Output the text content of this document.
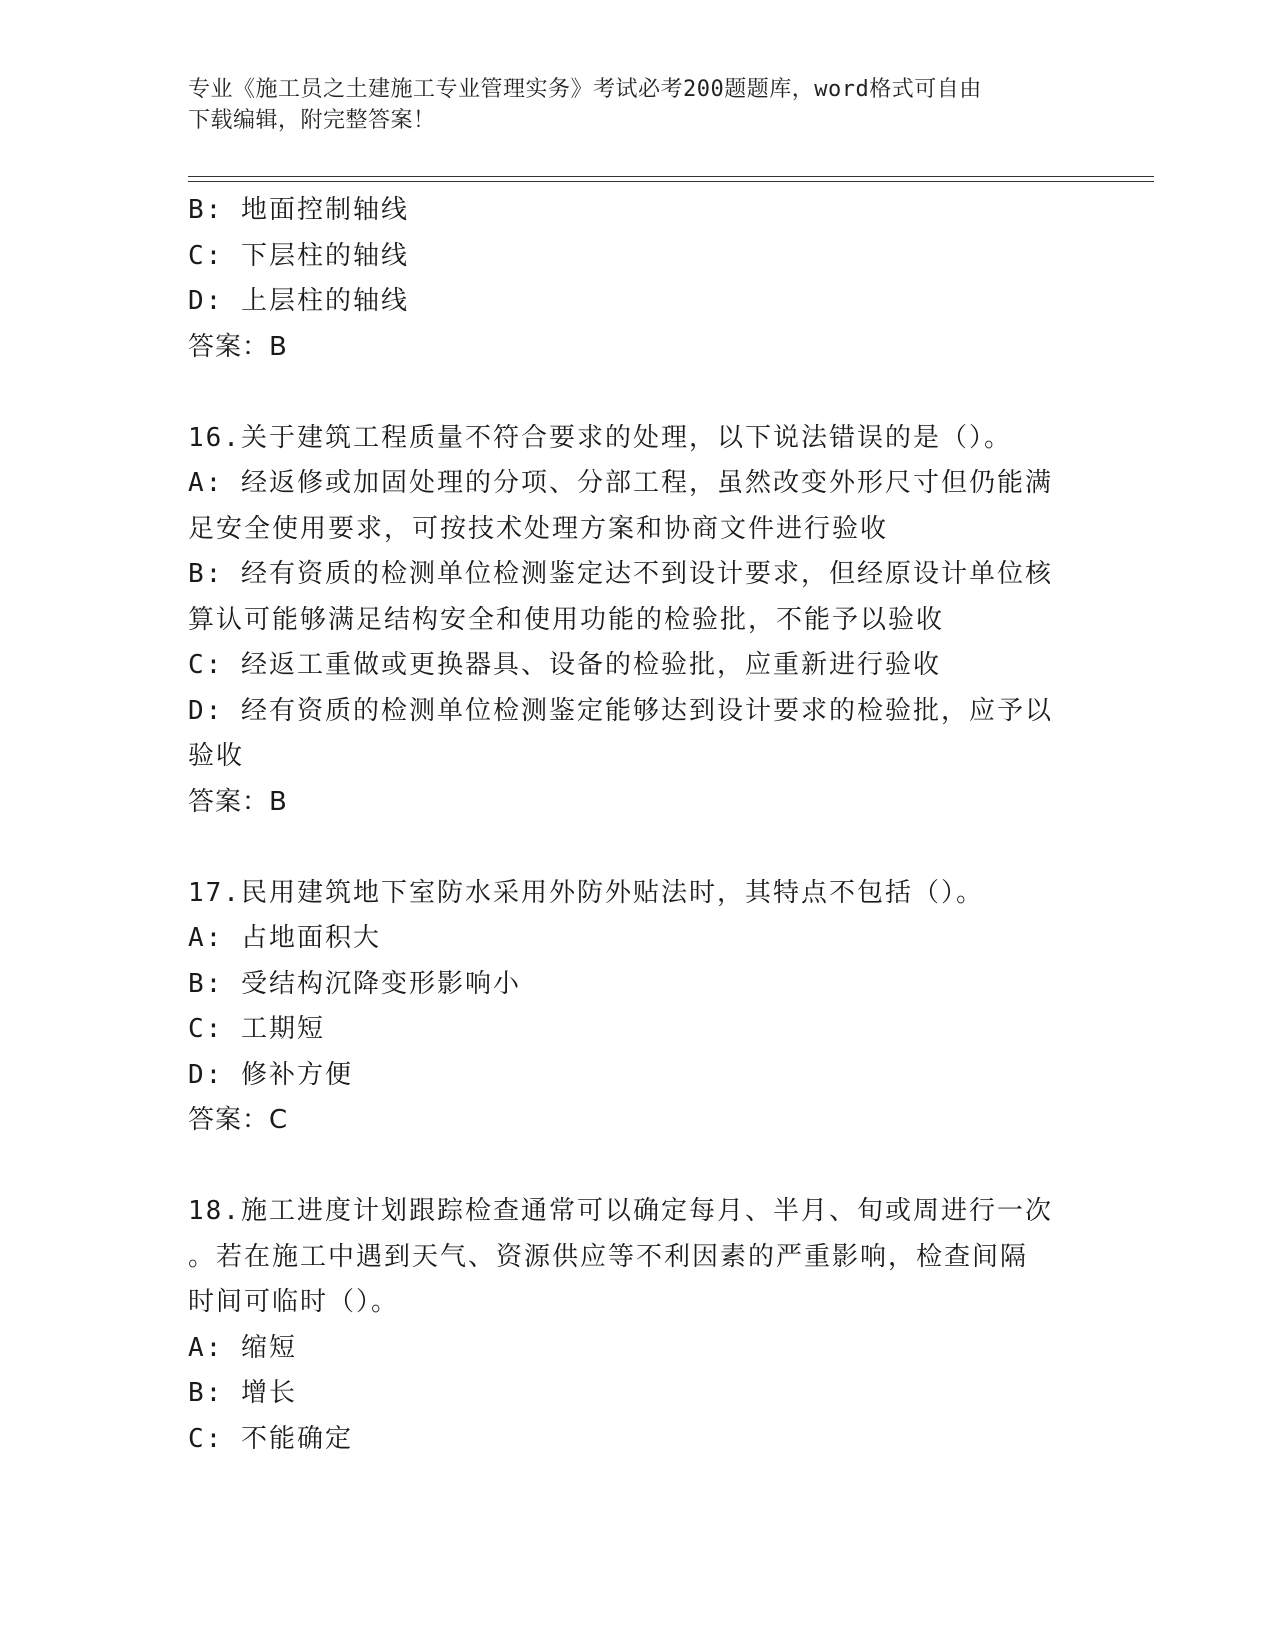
专业《施工员之土建施工专业管理实务》考试必考200题题库，word格式可自由
下载编辑，附完整答案！
B: 地面控制轴线
C: 下层柱的轴线
D: 上层柱的轴线
答案：B
16.关于建筑工程质量不符合要求的处理，以下说法错误的是（）。
A: 经返修或加固处理的分项、分部工程，虽然改变外形尺寸但仍能满
足安全使用要求，可按技术处理方案和协商文件进行验收
B: 经有资质的检测单位检测鉴定达不到设计要求，但经原设计单位核
算认可能够满足结构安全和使用功能的检验批，不能予以验收
C: 经返工重做或更换器具、设备的检验批，应重新进行验收
D: 经有资质的检测单位检测鉴定能够达到设计要求的检验批，应予以
验收
答案：B
17.民用建筑地下室防水采用外防外贴法时，其特点不包括（）。
A: 占地面积大
B: 受结构沉降变形影响小
C: 工期短
D: 修补方便
答案：C
18.施工进度计划跟踪检查通常可以确定每月、半月、旬或周进行一次
。若在施工中遇到天气、资源供应等不利因素的严重影响，检查间隔
时间可临时（）。
A: 缩短
B: 增长
C: 不能确定
